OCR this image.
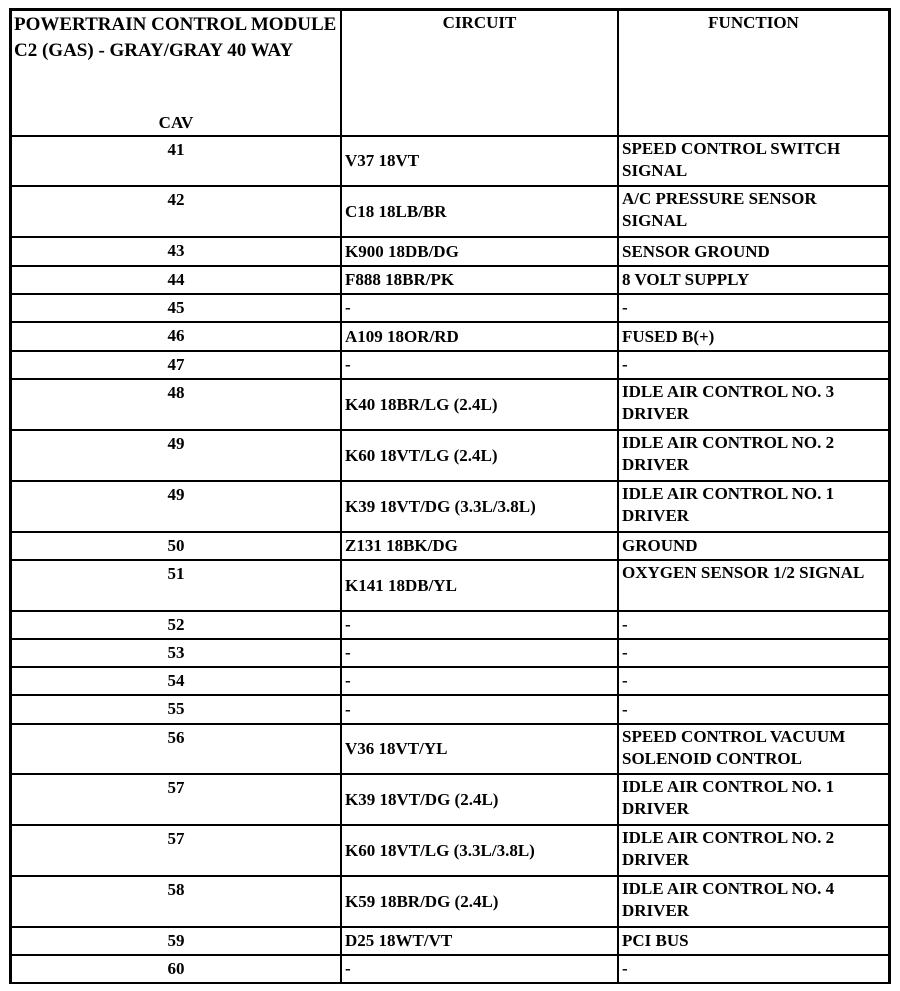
POWERTRAIN CONTROL MODULE C2 (GAS) - GRAY/GRAY 40 WAY
CAV	CIRCUIT	FUNCTION
41	V37 18VT	SPEED CONTROL SWITCH SIGNAL
42	C18 18LB/BR	A/C PRESSURE SENSOR SIGNAL
43	K900 18DB/DG	SENSOR GROUND
44	F888 18BR/PK	8 VOLT SUPPLY
45	-	-
46	A109 18OR/RD	FUSED B(+)
47	-	-
48	K40 18BR/LG (2.4L)	IDLE AIR CONTROL NO. 3 DRIVER
49	K60 18VT/LG (2.4L)	IDLE AIR CONTROL NO. 2 DRIVER
49	K39 18VT/DG (3.3L/3.8L)	IDLE AIR CONTROL NO. 1 DRIVER
50	Z131 18BK/DG	GROUND
51	K141 18DB/YL	OXYGEN SENSOR 1/2 SIGNAL
52	-	-
53	-	-
54	-	-
55	-	-
56	V36 18VT/YL	SPEED CONTROL VACUUM SOLENOID CONTROL
57	K39 18VT/DG (2.4L)	IDLE AIR CONTROL NO. 1 DRIVER
57	K60 18VT/LG (3.3L/3.8L)	IDLE AIR CONTROL NO. 2 DRIVER
58	K59 18BR/DG (2.4L)	IDLE AIR CONTROL NO. 4 DRIVER
59	D25 18WT/VT	PCI BUS
60	-	-
